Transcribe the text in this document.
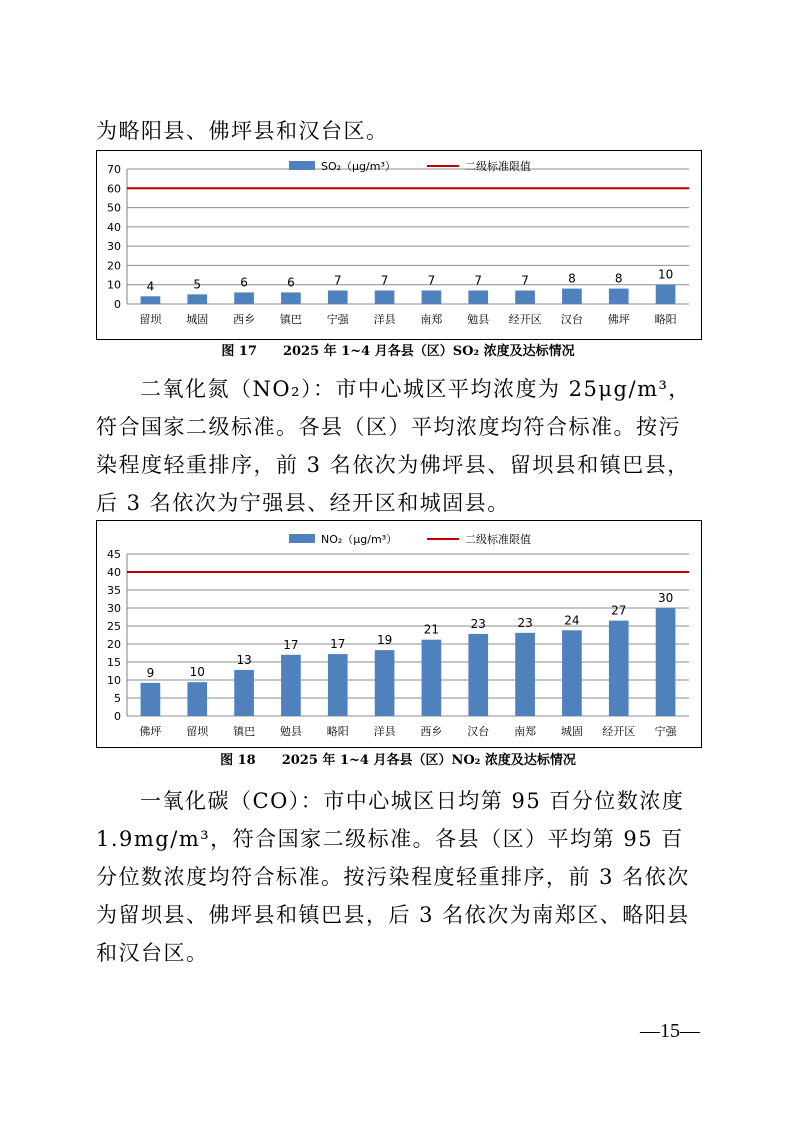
为略阳县、佛坪县和汉台区。

0
10
20
30
40
50
60
70
4
留坝
5
城固
6
西乡
6
镇巴
7
宁强
7
洋县
7
南郑
7
勉县
7
经开区
8
汉台
8
佛坪
10
略阳
SO₂（μg/m³）	二级标准限值
图 17　　2025 年 1~4 月各县（区）SO₂ 浓度及达标情况

二氧化氮（NO₂）：市中心城区平均浓度为 25μg/m³，符合国家二级标准。各县（区）平均浓度均符合标准。按污染程度轻重排序，前 3 名依次为佛坪县、留坝县和镇巴县，后 3 名依次为宁强县、经开区和城固县。

0
5
10
15
20
25
30
35
40
45
9
佛坪
10
留坝
13
镇巴
17
勉县
17
略阳
19
洋县
21
西乡
23
汉台
23
南郑
24
城固
27
经开区
30
宁强
NO₂（μg/m³）	二级标准限值
图 18　　2025 年 1~4 月各县（区）NO₂ 浓度及达标情况

一氧化碳（CO）：市中心城区日均第 95 百分位数浓度 1.9mg/m³，符合国家二级标准。各县（区）平均第 95 百分位数浓度均符合标准。按污染程度轻重排序，前 3 名依次为留坝县、佛坪县和镇巴县，后 3 名依次为南郑区、略阳县和汉台区。

—15—
